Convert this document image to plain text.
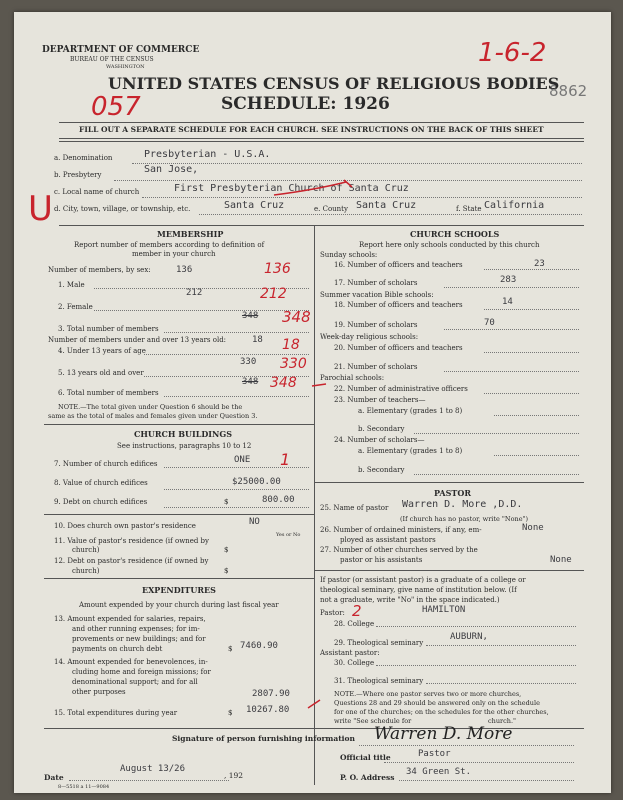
DEPARTMENT OF COMMERCE
BUREAU OF THE CENSUS
WASHINGTON	1-6-2
8862
UNITED STATES CENSUS OF RELIGIOUS BODIES
057	SCHEDULE: 1926
FILL OUT A SEPARATE SCHEDULE FOR EACH CHURCH. SEE INSTRUCTIONS ON THE BACK OF THIS SHEET
a. Denomination	Presbyterian - U.S.A.
b. Presbytery	San Jose,
c. Local name of church	First Presbyterian Church of Santa Cruz
d. City, town, village, or township, etc.	Santa Cruz	e. County Santa Cruz	f. State California
U
MEMBERSHIP
Report number of members according to definition of
member in your church
Number of members, by sex:
1. Male
136	136
2. Female
212	212
3. Total number of members
348 348
Number of members under and over 13 years old:
4. Under 13 years of age
18 18
5. 13 years old and over
330 330
6. Total number of members
348 348
NOTE.—The total given under Question 6 should be the
same as the total of males and females given under Question 3.
CHURCH BUILDINGS
See instructions, paragraphs 10 to 12
7. Number of church edifices	ONE 1
8. Value of church edifices	$25000.00
9. Debt on church edifices	$	800.00
10. Does church own pastor's residence	NO
Yes or No
11. Value of pastor's residence (if owned by
church)	$
12. Debt on pastor's residence (if owned by
church)	$
EXPENDITURES
Amount expended by your church during last fiscal year
13. Amount expended for salaries, repairs,
and other running expenses; for im-
provements or new buildings; and for
payments on church debt	$ 7460.90
14. Amount expended for benevolences, in-
cluding home and foreign missions; for
denominational support; and for all
other purposes	2807.90
15. Total expenditures during year	$ 10267.80
CHURCH SCHOOLS
Report here only schools conducted by this church
Sunday schools:
16. Number of officers and teachers	23
17. Number of scholars	283
Summer vacation Bible schools:
18. Number of officers and teachers	14
19. Number of scholars	70
Week-day religious schools:
20. Number of officers and teachers
21. Number of scholars
Parochial schools:
22. Number of administrative officers
23. Number of teachers—
a. Elementary (grades 1 to 8)
b. Secondary
24. Number of scholars—
a. Elementary (grades 1 to 8)
b. Secondary
PASTOR
25. Name of pastor Warren D. More ,D.D.
(If church has no pastor, write "None")
26. Number of ordained ministers, if any, em-	None
ployed as assistant pastors
27. Number of other churches served by the
pastor or his assistants	None
If pastor (or assistant pastor) is a graduate of a college or
theological seminary, give name of institution below. (If
not a graduate, write "No" in the space indicated.)
Pastor: 2	HAMILTON
28. College
29. Theological seminary
AUBURN,
Assistant pastor:
30. College
31. Theological seminary
NOTE.—Where one pastor serves two or more churches,
Questions 28 and 29 should be answered only on the schedule
for one of the churches; on the schedules for the other churches,
write "See schedule for	church."
Signature of person furnishing information Warren D. More
Official title	Pastor
Date
August 13/26
, 192	P. O. Address
34 Green St.
8—5518 a 11—9084
